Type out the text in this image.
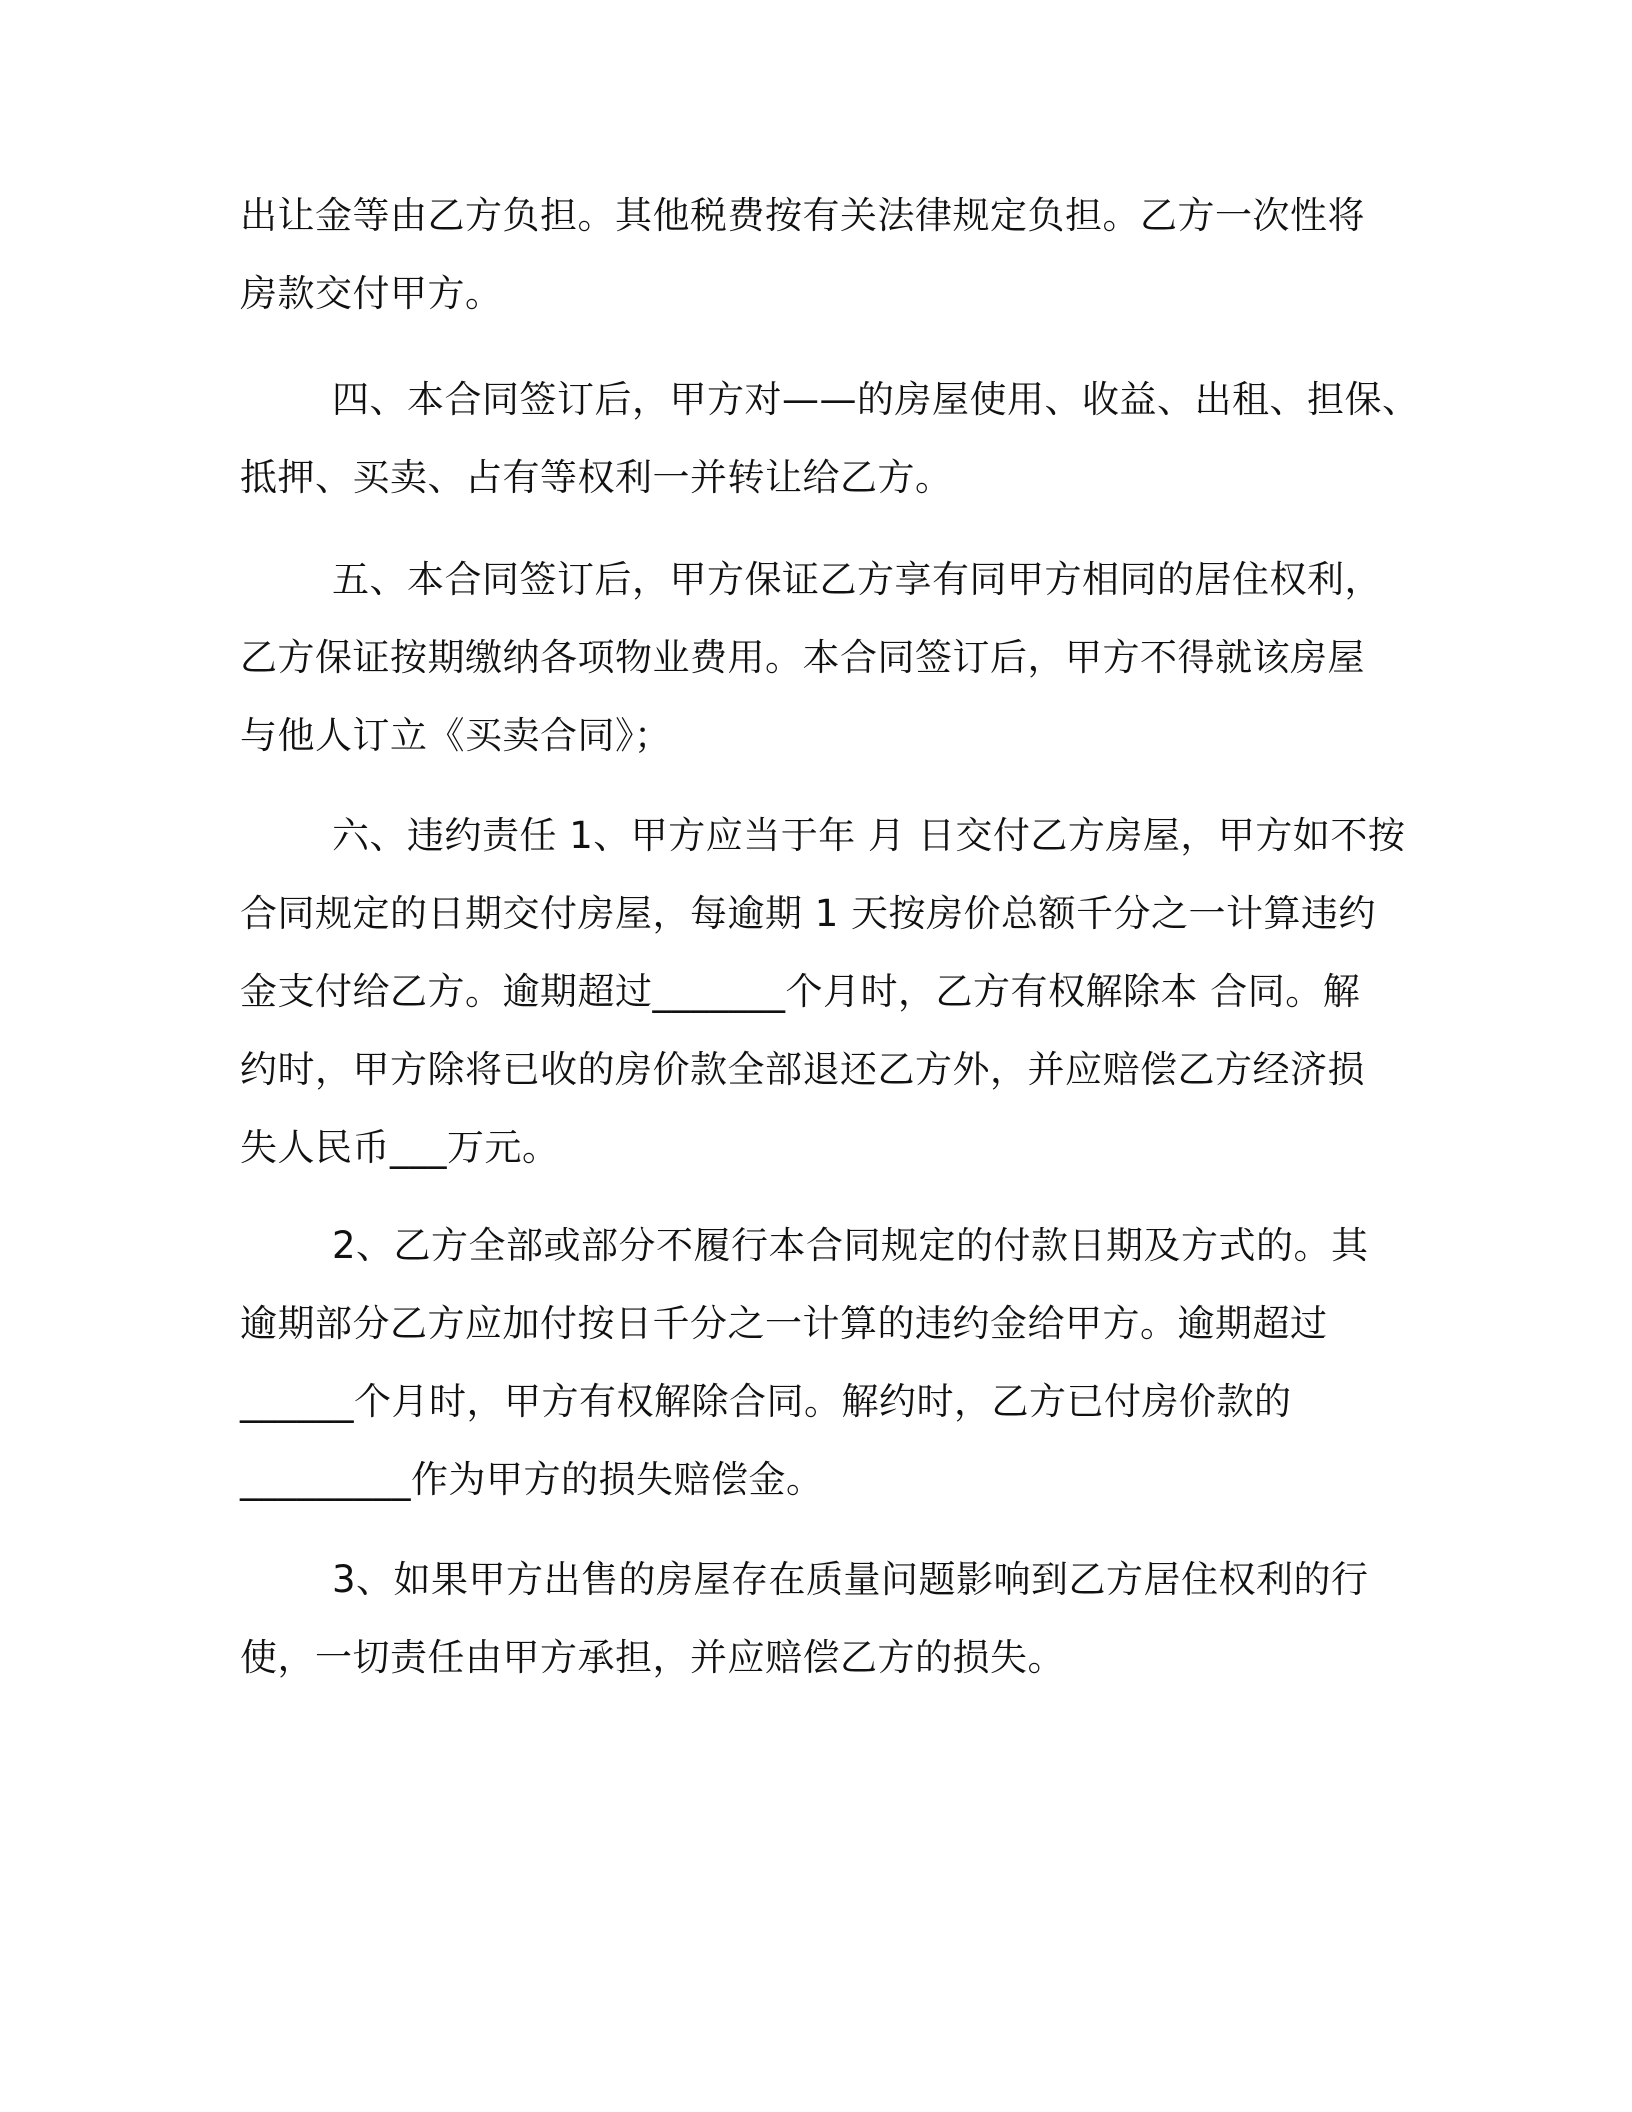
出让金等由乙方负担。其他税费按有关法律规定负担。乙方一次性将
房款交付甲方。
四、本合同签订后，甲方对——的房屋使用、收益、出租、担保、
抵押、买卖、占有等权利一并转让给乙方。
五、本合同签订后，甲方保证乙方享有同甲方相同的居住权利，
乙方保证按期缴纳各项物业费用。本合同签订后，甲方不得就该房屋
与他人订立《买卖合同》；
六、违约责任 1、甲方应当于年 月 日交付乙方房屋，甲方如不按
合同规定的日期交付房屋，每逾期 1 天按房价总额千分之一计算违约
金支付给乙方。逾期超过_______个月时，乙方有权解除本 合同。解
约时，甲方除将已收的房价款全部退还乙方外，并应赔偿乙方经济损
失人民币___万元。
2、乙方全部或部分不履行本合同规定的付款日期及方式的。其
逾期部分乙方应加付按日千分之一计算的违约金给甲方。逾期超过
______个月时，甲方有权解除合同。解约时，乙方已付房价款的
_________作为甲方的损失赔偿金。
3、如果甲方出售的房屋存在质量问题影响到乙方居住权利的行
使，一切责任由甲方承担，并应赔偿乙方的损失。
